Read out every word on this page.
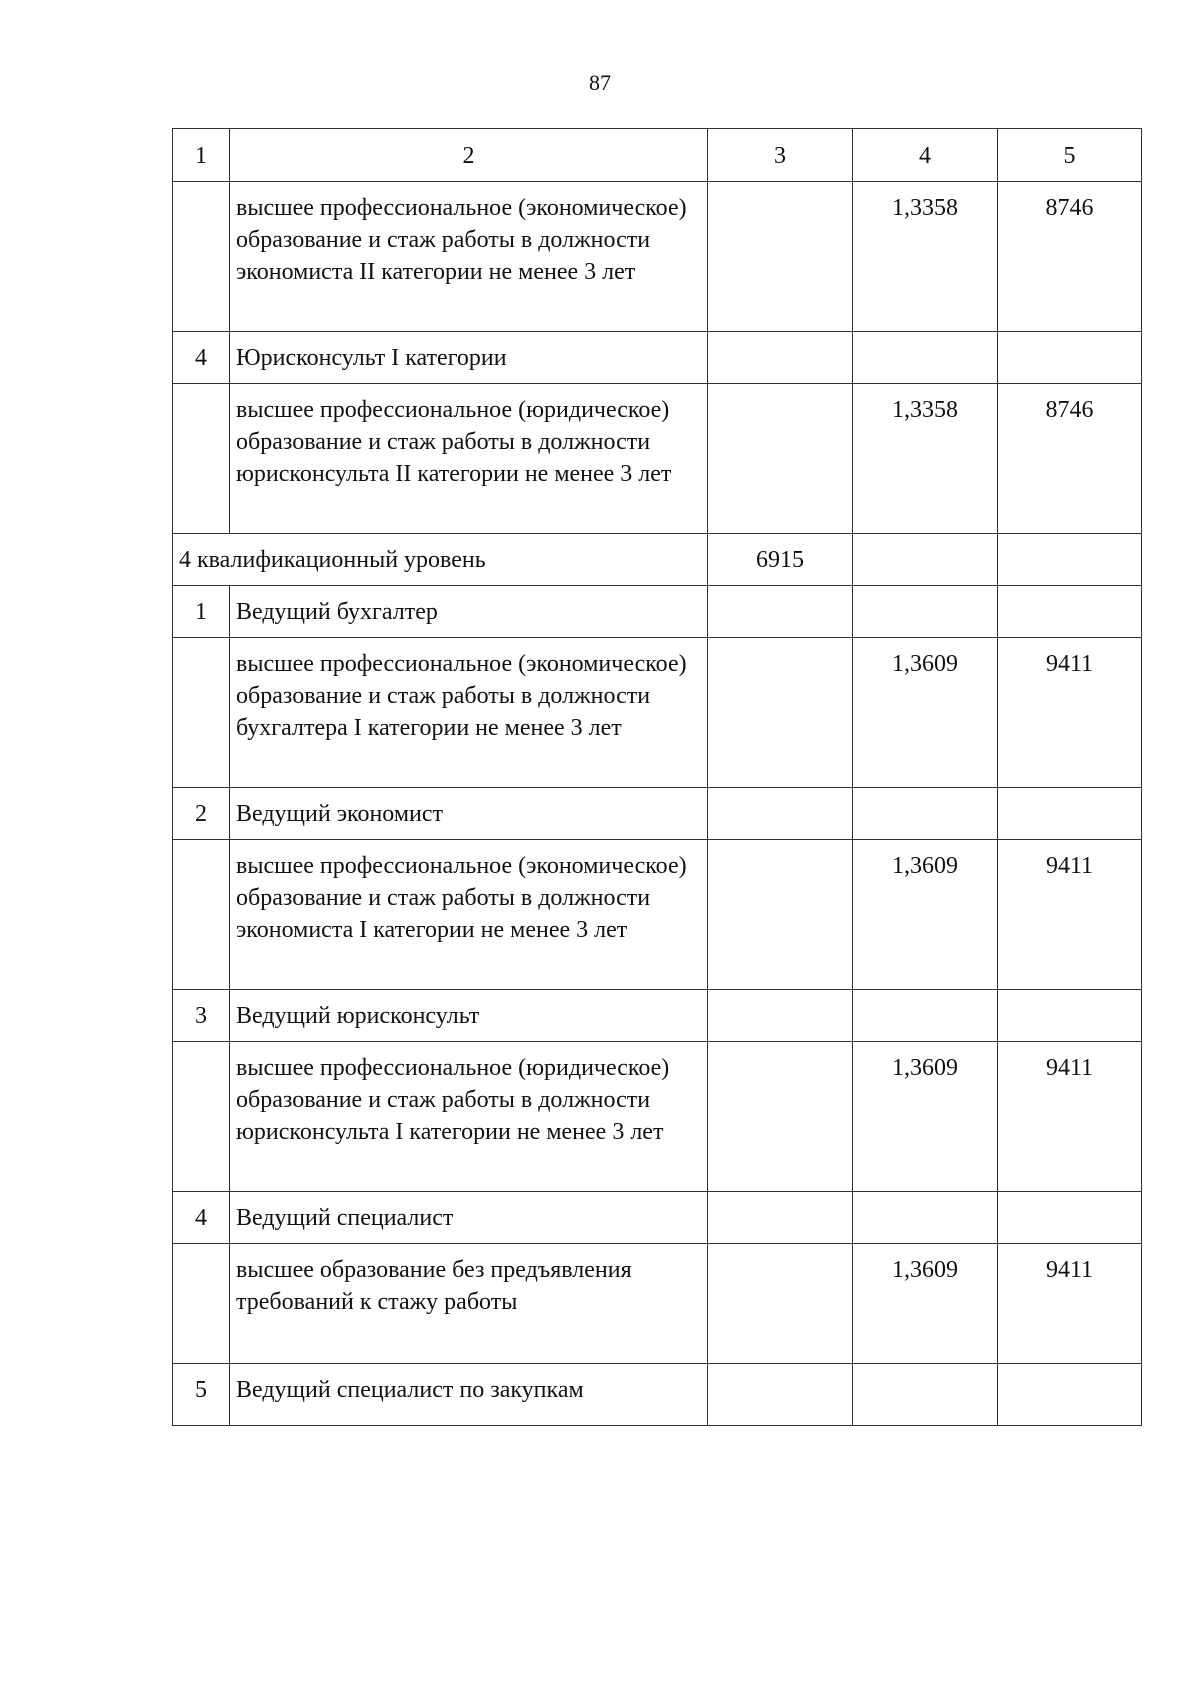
87
1	2	3	4	5
	высшее профессиональное (экономическое) образование и стаж работы в должности экономиста II категории не менее 3 лет		1,3358	8746
4	Юрисконсульт I категории			
	высшее профессиональное (юридическое) образование и стаж работы в должности юрисконсульта II категории не менее 3 лет		1,3358	8746
4 квалификационный уровень		6915		
1	Ведущий бухгалтер			
	высшее профессиональное (экономическое) образование и стаж работы в должности бухгалтера I категории не менее 3 лет		1,3609	9411
2	Ведущий экономист			
	высшее профессиональное (экономическое) образование и стаж работы в должности экономиста I категории не менее 3 лет		1,3609	9411
3	Ведущий юрисконсульт			
	высшее профессиональное (юридическое) образование и стаж работы в должности юрисконсульта I категории не менее 3 лет		1,3609	9411
4	Ведущий специалист			
	высшее образование без предъявления требований к стажу работы		1,3609	9411
5	Ведущий специалист по закупкам			
